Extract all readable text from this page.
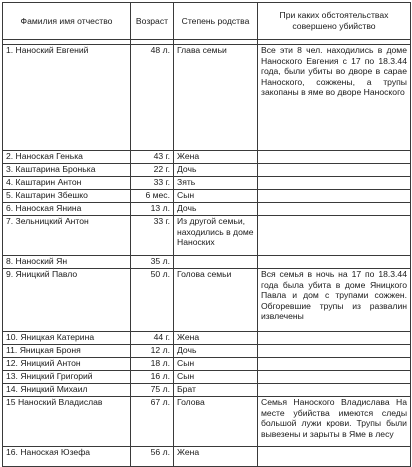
Фамилия имя отчество	Возраст	Степень родства	При каких обстоятельствах совершено убийство

1. Наноский Евгений	48 л.	Глава семьи	Все эти 8 чел. находились в доме Наноского Евгения с 17 по 18.3.44 года, были убиты во дворе в сарае Наноского, сожжены, а трупы закопаны в яме во дворе Наноского
2. Наноская Генька	43 г.	Жена	
3. Каштарина Бронька	22 г.	Дочь	
4. Каштарин Антон	33 г.	Зять	
5. Каштарин Збешко	6 мес.	Сын	
6. Наноская Янина	13 л.	Дочь	
7. Зельницкий Антон	33 г.	Из другой семьи, находились в доме Наноских	
8. Наноский Ян	35 л.		
9. Яницкий Павло	50 л.	Голова семьи	Вся семья в ночь на 17 по 18.3.44 года была убита в доме Яницкого Павла и дом с трупами сожжен. Обгоревшие трупы из развалин извлечены
10. Яницкая Катерина	44 г.	Жена	
11. Яницкая Броня	12 л.	Дочь	
12. Яницкий Антон	18 л.	Сын	
13. Яницкий Григорий	16 л.	Сын	
14. Яницкий Михаил	75 л.	Брат	
15 Наноский Владислав	67 л.	Голова	Семья Наноского Владислава На месте убийства имеются следы большой лужи крови. Трупы были вывезены и зарыты в Яме в лесу
16. Наноская Юзефа	56 л.	Жена	
